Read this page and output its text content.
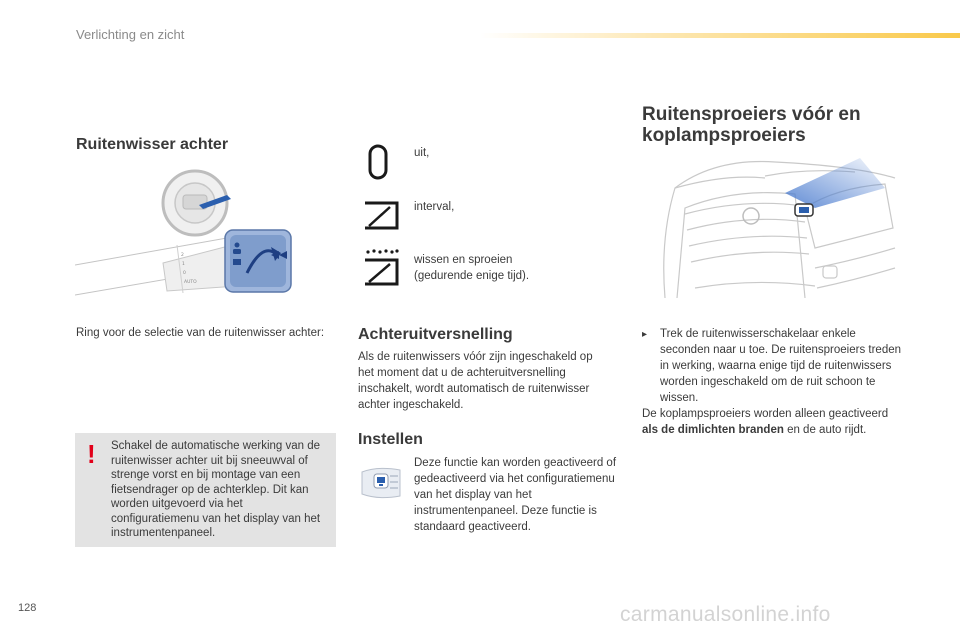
Verlichting en zicht
Ruitenwisser achter
2
1
0
AUTO
Ring voor de selectie van de ruitenwisser achter:
! Schakel de automatische werking van de ruitenwisser achter uit bij sneeuwval of strenge vorst en bij montage van een fietsendrager op de achterklep. Dit kan worden uitgevoerd via het configuratiemenu van het display van het instrumentenpaneel.
uit,
interval,
wissen en sproeien (gedurende enige tijd).
Achteruitversnelling
Als de ruitenwissers vóór zijn ingeschakeld op het moment dat u de achteruitversnelling inschakelt, wordt automatisch de ruitenwisser achter ingeschakeld.
Instellen
Deze functie kan worden geactiveerd of gedeactiveerd via het configuratiemenu van het display van het instrumentenpaneel. Deze functie is standaard geactiveerd.
Ruitensproeiers vóór en koplampsproeiers
▸	Trek de ruitenwisserschakelaar enkele seconden naar u toe. De ruitensproeiers treden in werking, waarna enige tijd de ruitenwissers worden ingeschakeld om de ruit schoon te wissen.
De koplampsproeiers worden alleen geactiveerd als de dimlichten branden en de auto rijdt.
128	carmanualsonline.info
